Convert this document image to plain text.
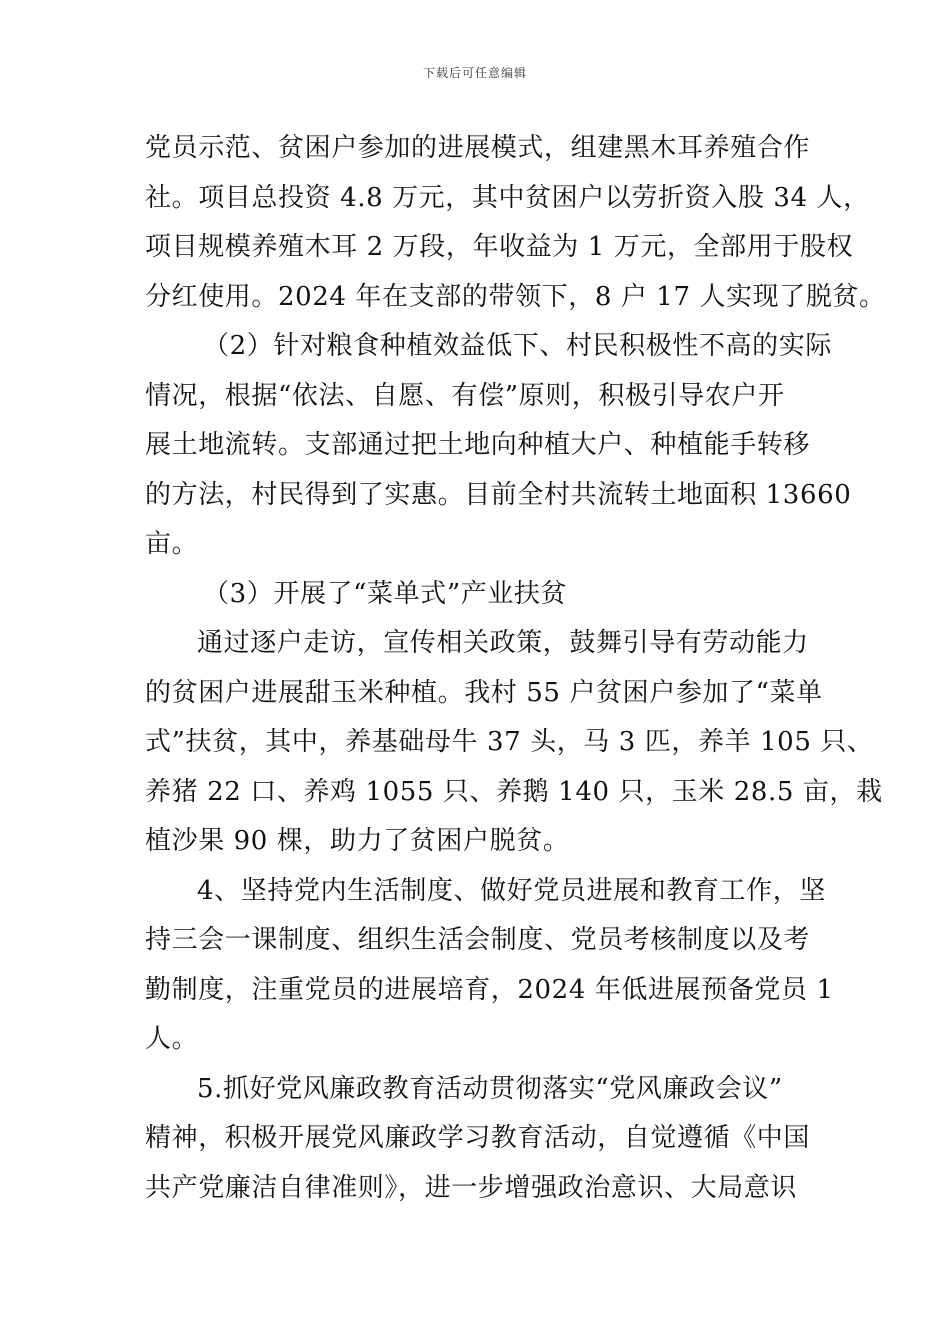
下载后可任意编辑
党员示范、贫困户参加的进展模式，组建黑木耳养殖合作
社。项目总投资 4.8 万元，其中贫困户以劳折资入股 34 人，
项目规模养殖木耳 2 万段，年收益为 1 万元，全部用于股权
分红使用。2024 年在支部的带领下，8 户 17 人实现了脱贫。
（2）针对粮食种植效益低下、村民积极性不高的实际
情况，根据“依法、自愿、有偿”原则，积极引导农户开
展土地流转。支部通过把土地向种植大户、种植能手转移
的方法，村民得到了实惠。目前全村共流转土地面积 13660
亩。
（3）开展了“菜单式”产业扶贫
通过逐户走访，宣传相关政策，鼓舞引导有劳动能力
的贫困户进展甜玉米种植。我村 55 户贫困户参加了“菜单
式”扶贫，其中，养基础母牛 37 头，马 3 匹，养羊 105 只、
养猪 22 口、养鸡 1055 只、养鹅 140 只，玉米 28.5 亩，栽
植沙果 90 棵，助力了贫困户脱贫。
4、坚持党内生活制度、做好党员进展和教育工作，坚
持三会一课制度、组织生活会制度、党员考核制度以及考
勤制度，注重党员的进展培育，2024 年低进展预备党员 1
人。
5.抓好党风廉政教育活动贯彻落实“党风廉政会议”
精神，积极开展党风廉政学习教育活动，自觉遵循《中国
共产党廉洁自律准则》，进一步增强政治意识、大局意识
